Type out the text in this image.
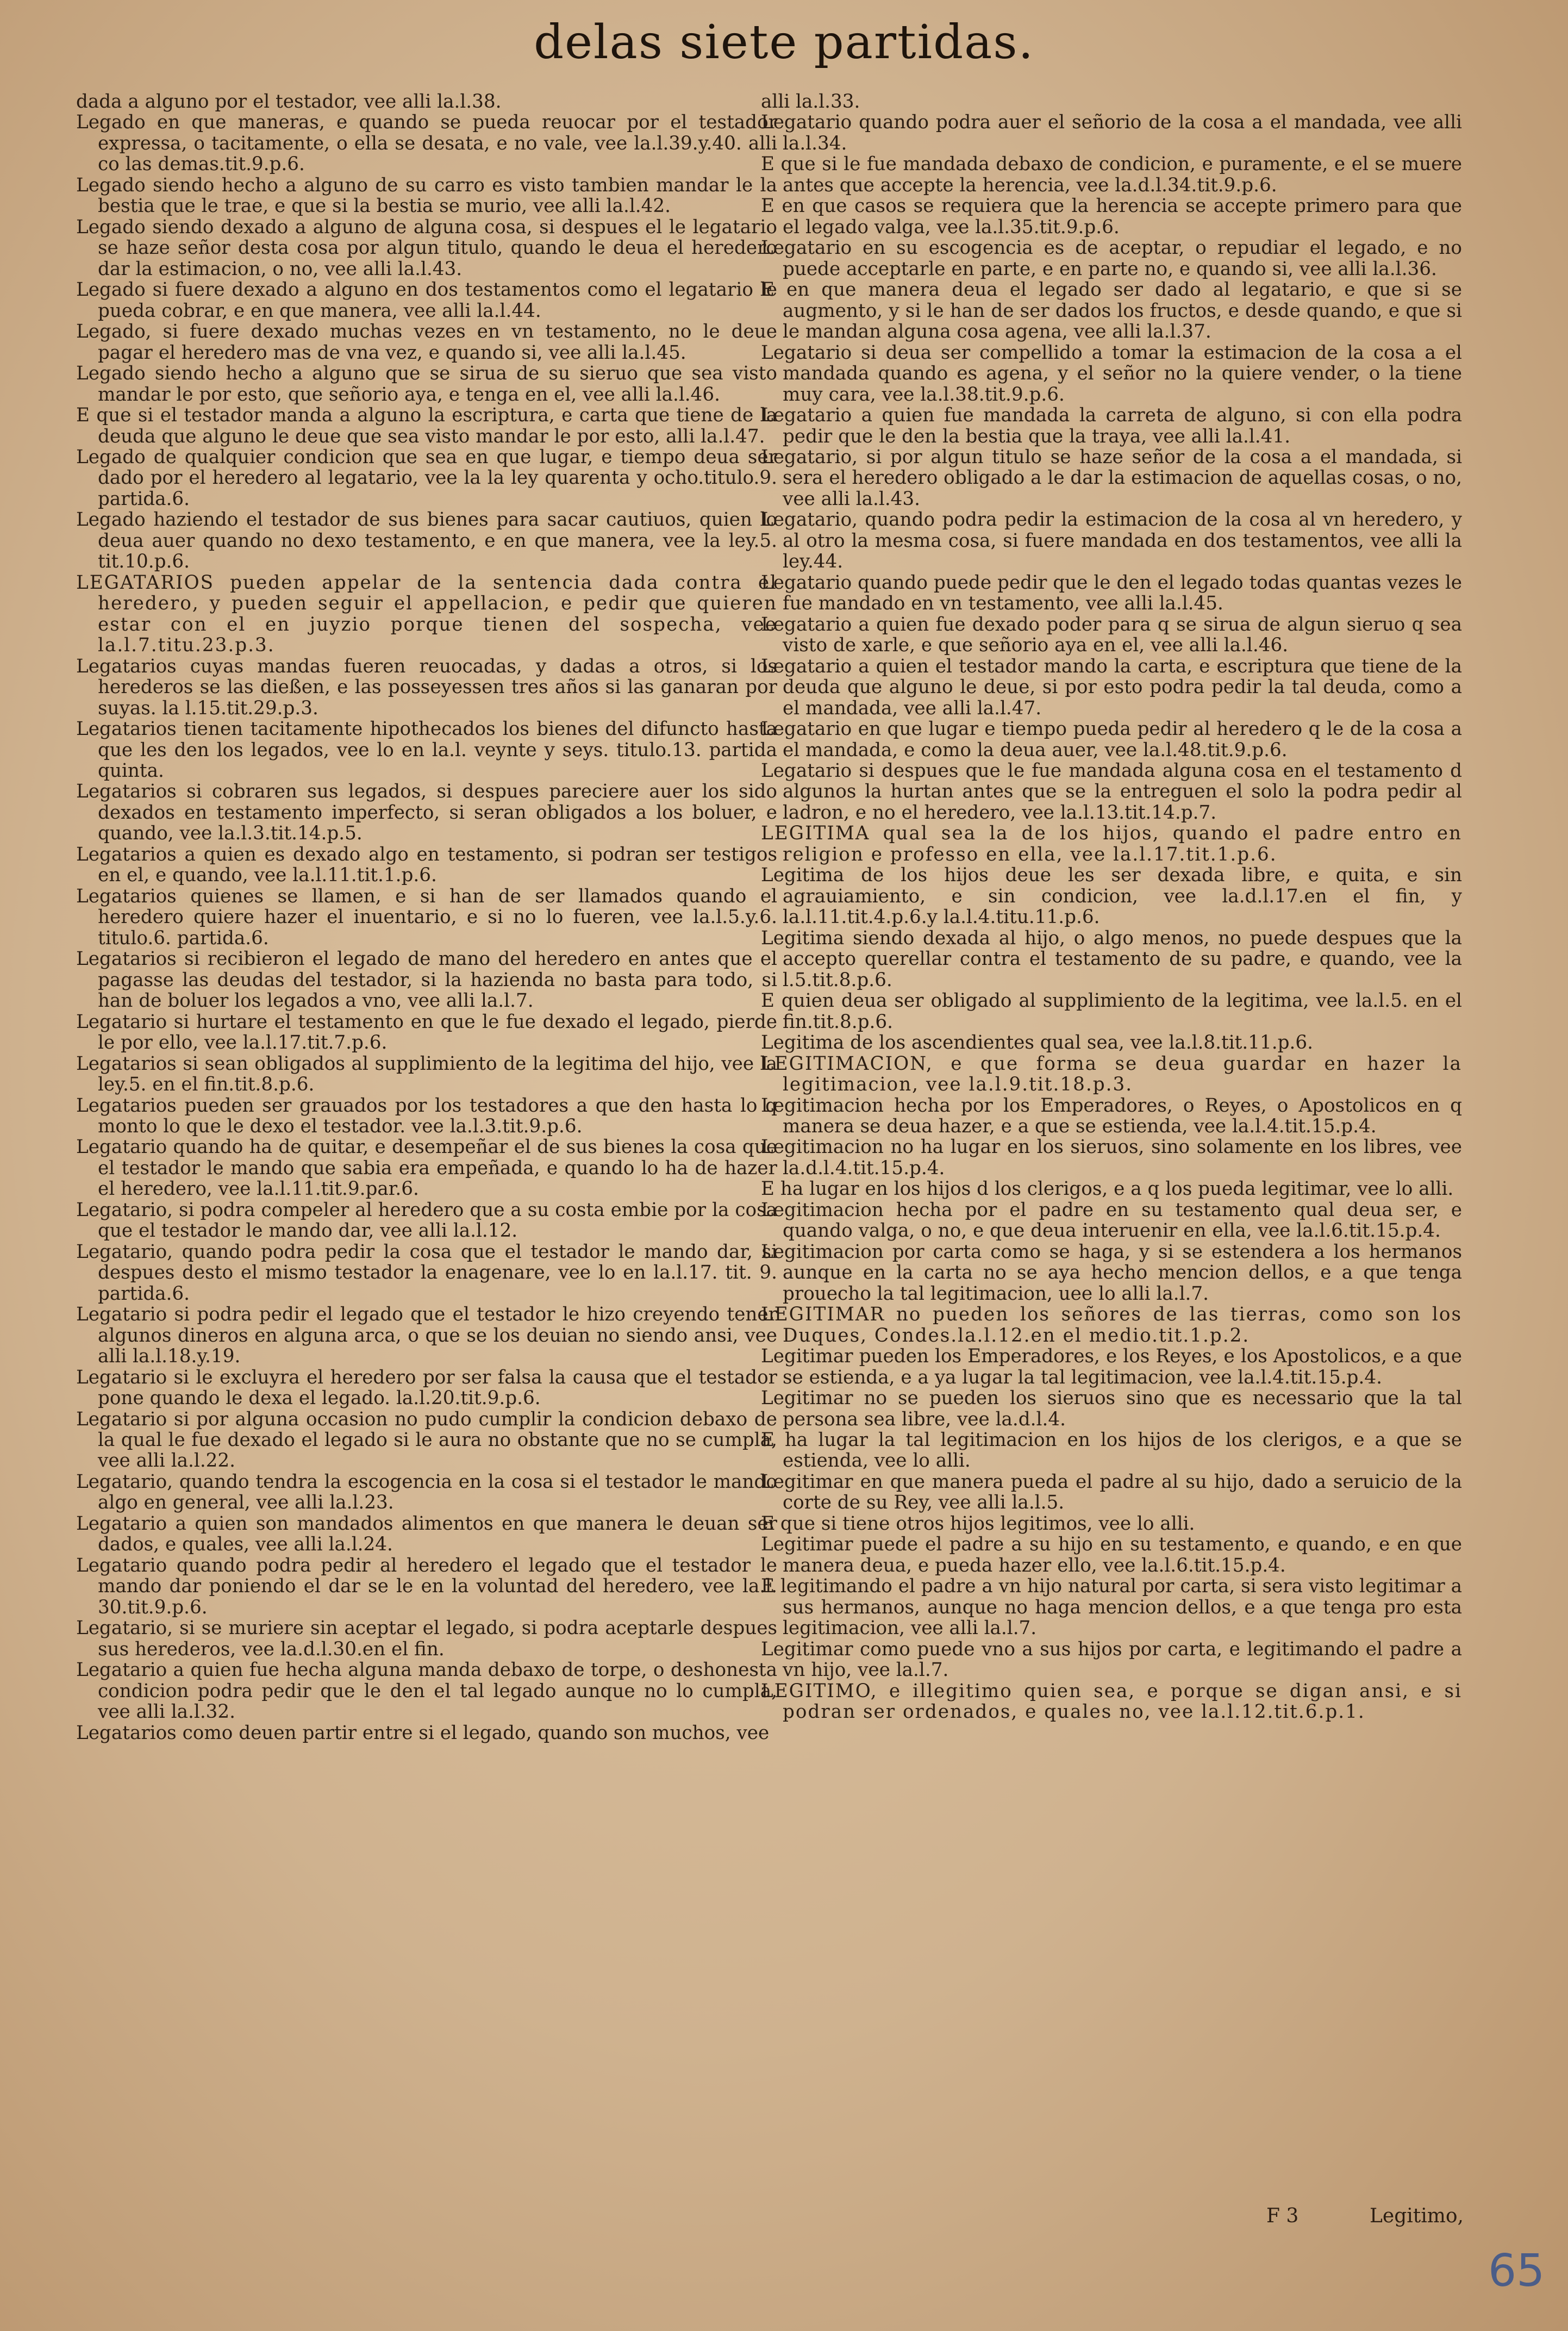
delas siete partidas.

dada a alguno por el testador, vee alli la.l.38.

Legado en que maneras, e quando se pueda reuocar por el testador expressa, o tacitamente, o ella se desata, e no vale, vee la.l.39.y.40. alli co las demas.tit.9.p.6.

Legado siendo hecho a alguno de su carro es visto tambien mandar le la bestia que le trae, e que si la bestia se murio, vee alli la.l.42.

Legado siendo dexado a alguno de alguna cosa, si despues el le legatario se haze señor desta cosa por algun titulo, quando le deua el heredero dar la estimacion, o no, vee alli la.l.43.

Legado si fuere dexado a alguno en dos testamentos como el legatario le pueda cobrar, e en que manera, vee alli la.l.44.

Legado, si fuere dexado muchas vezes en vn testamento, no le deue pagar el heredero mas de vna vez, e quando si, vee alli la.l.45.

Legado siendo hecho a alguno que se sirua de su sieruo que sea visto mandar le por esto, que señorio aya, e tenga en el, vee alli la.l.46.

E que si el testador manda a alguno la escriptura, e carta que tiene de la deuda que alguno le deue que sea visto mandar le por esto, alli la.l.47.

Legado de qualquier condicion que sea en que lugar, e tiempo deua ser dado por el heredero al legatario, vee la la ley quarenta y ocho.titulo.9. partida.6.

Legado haziendo el testador de sus bienes para sacar cautiuos, quien lo deua auer quando no dexo testamento, e en que manera, vee la ley.5. tit.10.p.6.

LEGATARIOS pueden appelar de la sentencia dada contra el heredero, y pueden seguir el appellacion, e pedir que quieren estar con el en juyzio porque tienen del sospecha, vee la.l.7.titu.23.p.3.

Legatarios cuyas mandas fueren reuocadas, y dadas a otros, si los herederos se las dießen, e las posseyessen tres años si las ganaran por suyas. la l.15.tit.29.p.3.

Legatarios tienen tacitamente hipothecados los bienes del difuncto hasta que les den los legados, vee lo en la.l. veynte y seys. titulo.13. partida quinta.

Legatarios si cobraren sus legados, si despues pareciere auer los sido dexados en testamento imperfecto, si seran obligados a los boluer, e quando, vee la.l.3.tit.14.p.5.

Legatarios a quien es dexado algo en testamento, si podran ser testigos en el, e quando, vee la.l.11.tit.1.p.6.

Legatarios quienes se llamen, e si han de ser llamados quando el heredero quiere hazer el inuentario, e si no lo fueren, vee la.l.5.y.6. titulo.6. partida.6.

Legatarios si recibieron el legado de mano del heredero en antes que el pagasse las deudas del testador, si la hazienda no basta para todo, si han de boluer los legados a vno, vee alli la.l.7.

Legatario si hurtare el testamento en que le fue dexado el legado, pierde le por ello, vee la.l.17.tit.7.p.6.

Legatarios si sean obligados al supplimiento de la legitima del hijo, vee la ley.5. en el fin.tit.8.p.6.

Legatarios pueden ser grauados por los testadores a que den hasta lo q monto lo que le dexo el testador. vee la.l.3.tit.9.p.6.

Legatario quando ha de quitar, e desempeñar el de sus bienes la cosa que el testador le mando que sabia era empeñada, e quando lo ha de hazer el heredero, vee la.l.11.tit.9.par.6.

Legatario, si podra compeler al heredero que a su costa embie por la cosa que el testador le mando dar, vee alli la.l.12.

Legatario, quando podra pedir la cosa que el testador le mando dar, si despues desto el mismo testador la enagenare, vee lo en la.l.17. tit. 9. partida.6.

Legatario si podra pedir el legado que el testador le hizo creyendo tener algunos dineros en alguna arca, o que se los deuian no siendo ansi, vee alli la.l.18.y.19.

Legatario si le excluyra el heredero por ser falsa la causa que el testador pone quando le dexa el legado. la.l.20.tit.9.p.6.

Legatario si por alguna occasion no pudo cumplir la condicion debaxo de la qual le fue dexado el legado si le aura no obstante que no se cumpla, vee alli la.l.22.

Legatario, quando tendra la escogencia en la cosa si el testador le mando algo en general, vee alli la.l.23.

Legatario a quien son mandados alimentos en que manera le deuan ser dados, e quales, vee alli la.l.24.

Legatario quando podra pedir al heredero el legado que el testador le mando dar poniendo el dar se le en la voluntad del heredero, vee la.l. 30.tit.9.p.6.

Legatario, si se muriere sin aceptar el legado, si podra aceptarle despues sus herederos, vee la.d.l.30.en el fin.

Legatario a quien fue hecha alguna manda debaxo de torpe, o deshonesta condicion podra pedir que le den el tal legado aunque no lo cumpla, vee alli la.l.32.

Legatarios como deuen partir entre si el legado, quando son muchos, vee

alli la.l.33.

Legatario quando podra auer el señorio de la cosa a el mandada, vee alli la.l.34.

E que si le fue mandada debaxo de condicion, e puramente, e el se muere antes que accepte la herencia, vee la.d.l.34.tit.9.p.6.

E en que casos se requiera que la herencia se accepte primero para que el legado valga, vee la.l.35.tit.9.p.6.

Legatario en su escogencia es de aceptar, o repudiar el legado, e no puede acceptarle en parte, e en parte no, e quando si, vee alli la.l.36.

E en que manera deua el legado ser dado al legatario, e que si se augmento, y si le han de ser dados los fructos, e desde quando, e que si le mandan alguna cosa agena, vee alli la.l.37.

Legatario si deua ser compellido a tomar la estimacion de la cosa a el mandada quando es agena, y el señor no la quiere vender, o la tiene muy cara, vee la.l.38.tit.9.p.6.

Legatario a quien fue mandada la carreta de alguno, si con ella podra pedir que le den la bestia que la traya, vee alli la.l.41.

Legatario, si por algun titulo se haze señor de la cosa a el mandada, si sera el heredero obligado a le dar la estimacion de aquellas cosas, o no, vee alli la.l.43.

Legatario, quando podra pedir la estimacion de la cosa al vn heredero, y al otro la mesma cosa, si fuere mandada en dos testamentos, vee alli la ley.44.

Legatario quando puede pedir que le den el legado todas quantas vezes le fue mandado en vn testamento, vee alli la.l.45.

Legatario a quien fue dexado poder para q se sirua de algun sieruo q sea visto de xarle, e que señorio aya en el, vee alli la.l.46.

Legatario a quien el testador mando la carta, e escriptura que tiene de la deuda que alguno le deue, si por esto podra pedir la tal deuda, como a el mandada, vee alli la.l.47.

Legatario en que lugar e tiempo pueda pedir al heredero q le de la cosa a el mandada, e como la deua auer, vee la.l.48.tit.9.p.6.

Legatario si despues que le fue mandada alguna cosa en el testamento d algunos la hurtan antes que se la entreguen el solo la podra pedir al ladron, e no el heredero, vee la.l.13.tit.14.p.7.

LEGITIMA qual sea la de los hijos, quando el padre entro en religion e professo en ella, vee la.l.17.tit.1.p.6.

Legitima de los hijos deue les ser dexada libre, e quita, e sin agrauiamiento, e sin condicion, vee la.d.l.17.en el fin, y la.l.11.tit.4.p.6.y la.l.4.titu.11.p.6.

Legitima siendo dexada al hijo, o algo menos, no puede despues que la accepto querellar contra el testamento de su padre, e quando, vee la l.5.tit.8.p.6.

E quien deua ser obligado al supplimiento de la legitima, vee la.l.5. en el fin.tit.8.p.6.

Legitima de los ascendientes qual sea, vee la.l.8.tit.11.p.6.

LEGITIMACION, e que forma se deua guardar en hazer la legitimacion, vee la.l.9.tit.18.p.3.

Legitimacion hecha por los Emperadores, o Reyes, o Apostolicos en q manera se deua hazer, e a que se estienda, vee la.l.4.tit.15.p.4.

Legitimacion no ha lugar en los sieruos, sino solamente en los libres, vee la.d.l.4.tit.15.p.4.

E ha lugar en los hijos d los clerigos, e a q los pueda legitimar, vee lo alli.

Legitimacion hecha por el padre en su testamento qual deua ser, e quando valga, o no, e que deua interuenir en ella, vee la.l.6.tit.15.p.4.

Legitimacion por carta como se haga, y si se estendera a los hermanos aunque en la carta no se aya hecho mencion dellos, e a que tenga prouecho la tal legitimacion, uee lo alli la.l.7.

LEGITIMAR no pueden los señores de las tierras, como son los Duques, Condes.la.l.12.en el medio.tit.1.p.2.

Legitimar pueden los Emperadores, e los Reyes, e los Apostolicos, e a que se estienda, e a ya lugar la tal legitimacion, vee la.l.4.tit.15.p.4.

Legitimar no se pueden los sieruos sino que es necessario que la tal persona sea libre, vee la.d.l.4.

E ha lugar la tal legitimacion en los hijos de los clerigos, e a que se estienda, vee lo alli.

Legitimar en que manera pueda el padre al su hijo, dado a seruicio de la corte de su Rey, vee alli la.l.5.

E que si tiene otros hijos legitimos, vee lo alli.

Legitimar puede el padre a su hijo en su testamento, e quando, e en que manera deua, e pueda hazer ello, vee la.l.6.tit.15.p.4.

E legitimando el padre a vn hijo natural por carta, si sera visto legitimar a sus hermanos, aunque no haga mencion dellos, e a que tenga pro esta legitimacion, vee alli la.l.7.

Legitimar como puede vno a sus hijos por carta, e legitimando el padre a vn hijo, vee la.l.7.

LEGITIMO, e illegitimo quien sea, e porque se digan ansi, e si podran ser ordenados, e quales no, vee la.l.12.tit.6.p.1.

F 3	Legitimo,
65
